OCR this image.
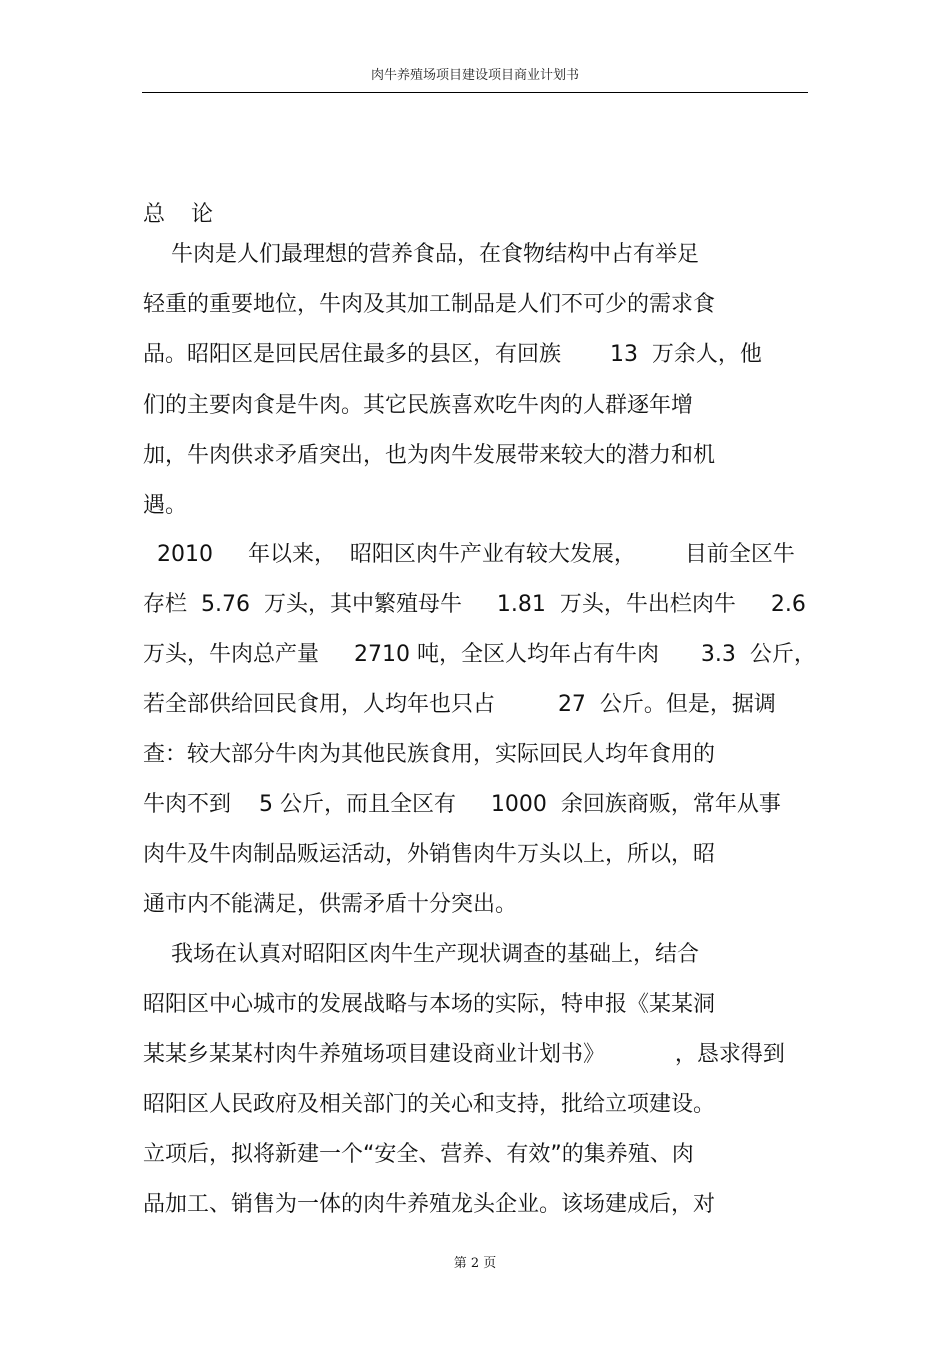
肉牛养殖场项目建设项目商业计划书
总论
牛肉是人们最理想的营养食品，在食物结构中占有举足
轻重的重要地位，牛肉及其加工制品是人们不可少的需求食
品。昭阳区是回民居住最多的县区，有回族       13  万余人，他
们的主要肉食是牛肉。其它民族喜欢吃牛肉的人群逐年增
加，牛肉供求矛盾突出，也为肉牛发展带来较大的潜力和机
遇。
2010     年以来，  昭阳区肉牛产业有较大发展，       目前全区牛
存栏  5.76  万头，其中繁殖母牛     1.81  万头，牛出栏肉牛     2.6
万头，牛肉总产量     2710 吨，全区人均年占有牛肉      3.3  公斤，
若全部供给回民食用，人均年也只占         27  公斤。但是，据调
查：较大部分牛肉为其他民族食用，实际回民人均年食用的
牛肉不到    5 公斤，而且全区有     1000  余回族商贩，常年从事
肉牛及牛肉制品贩运活动，外销售肉牛万头以上，所以，昭
通市内不能满足，供需矛盾十分突出。
我场在认真对昭阳区肉牛生产现状调查的基础上，结合
昭阳区中心城市的发展战略与本场的实际，特申报《某某洞
某某乡某某村肉牛养殖场项目建设商业计划书》          ，恳求得到
昭阳区人民政府及相关部门的关心和支持，批给立项建设。
立项后，拟将新建一个“安全、营养、有效”的集养殖、肉
品加工、销售为一体的肉牛养殖龙头企业。该场建成后，对
第 2 页
